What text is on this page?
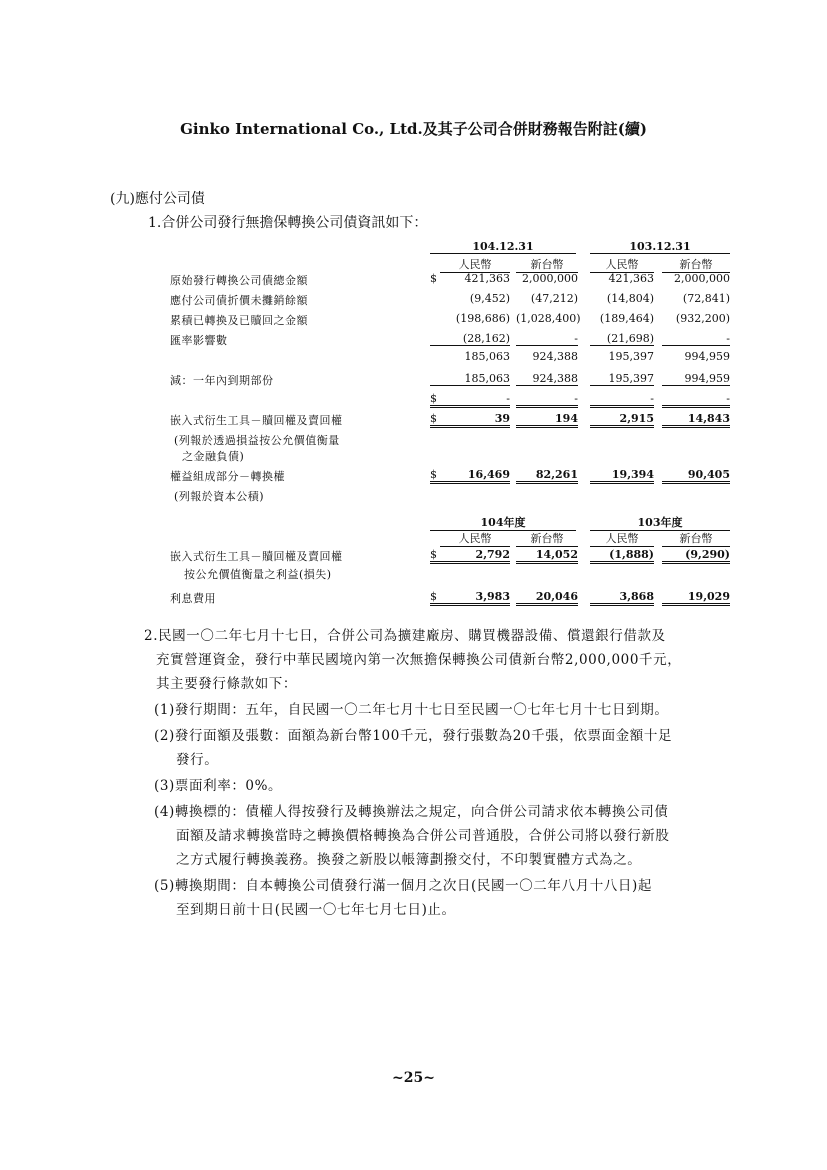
Ginko International Co., Ltd.及其子公司合併財務報告附註(續)
(九)應付公司債
1.合併公司發行無擔保轉換公司債資訊如下：
104.12.31	103.12.31
人民幣	新台幣	人民幣	新台幣
原始發行轉換公司債總金額	$	421,363	2,000,000	421,363	2,000,000
應付公司債折價未攤銷餘額	(9,452)	(47,212)	(14,804)	(72,841)
累積已轉換及已贖回之金額	(198,686) (1,028,400)	(189,464)	(932,200)
匯率影響數	(28,162)	-	(21,698)	-
185,063	924,388	195,397	994,959
減：一年內到期部份	185,063	924,388	195,397	994,959
$	-	-	-	-
嵌入式衍生工具－贖回權及賣回權	$	39	194	2,915	14,843
(列報於透過損益按公允價值衡量
之金融負債)
權益組成部分－轉換權	$	16,469	82,261	19,394	90,405
(列報於資本公積)
104年度	103年度
人民幣	新台幣	人民幣	新台幣
嵌入式衍生工具－贖回權及賣回權	$	2,792	14,052	(1,888)	(9,290)
按公允價值衡量之利益(損失)
利息費用	$	3,983	20,046	3,868	19,029
2.民國一〇二年七月十七日，合併公司為擴建廠房、購買機器設備、償還銀行借款及
充實營運資金，發行中華民國境內第一次無擔保轉換公司債新台幣2,000,000千元，
其主要發行條款如下：
(1)發行期間：五年，自民國一〇二年七月十七日至民國一〇七年七月十七日到期。
(2)發行面額及張數：面額為新台幣100千元，發行張數為20千張，依票面金額十足
發行。
(3)票面利率：0%。
(4)轉換標的：債權人得按發行及轉換辦法之規定，向合併公司請求依本轉換公司債
面額及請求轉換當時之轉換價格轉換為合併公司普通股，合併公司將以發行新股
之方式履行轉換義務。換發之新股以帳簿劃撥交付，不印製實體方式為之。
(5)轉換期間：自本轉換公司債發行滿一個月之次日(民國一〇二年八月十八日)起
至到期日前十日(民國一〇七年七月七日)止。
~25~
